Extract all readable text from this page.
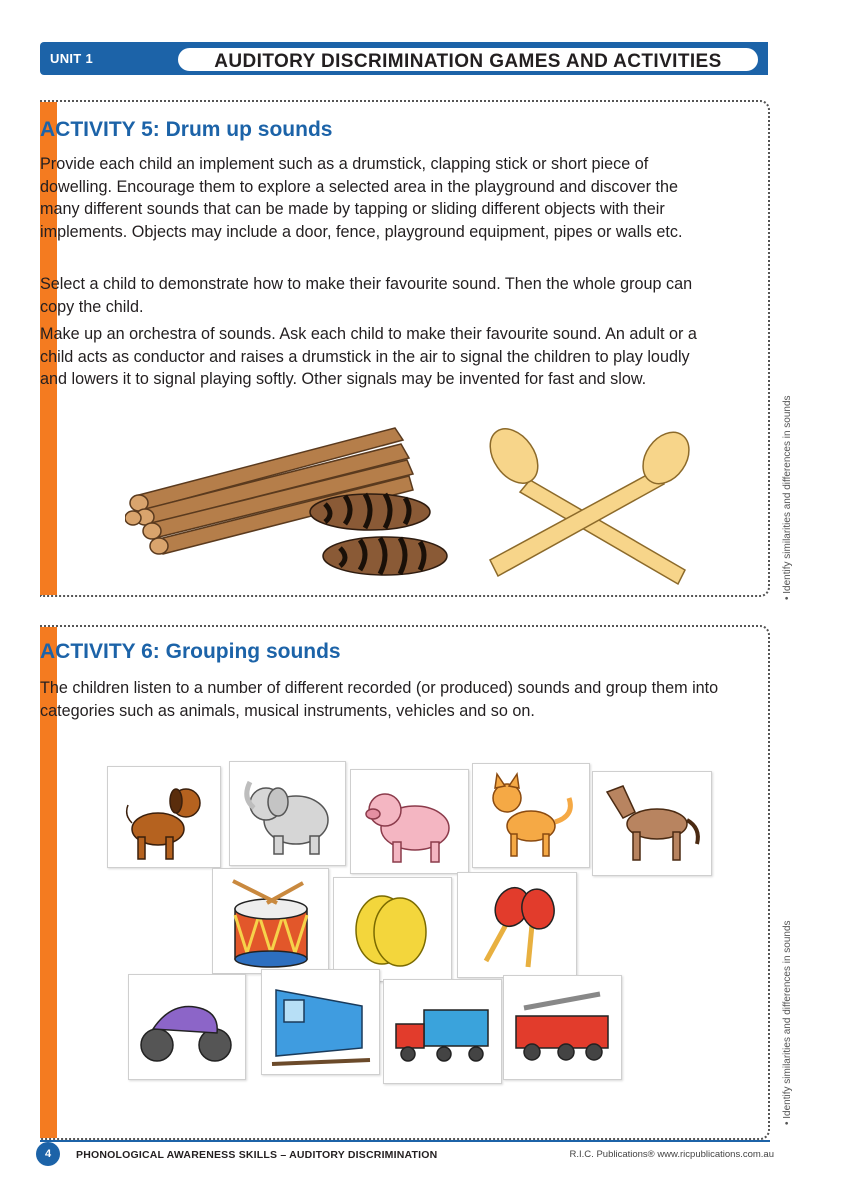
UNIT 1	AUDITORY DISCRIMINATION GAMES AND ACTIVITIES
ACTIVITY 5: Drum up sounds
Provide each child an implement such as a drumstick, clapping stick or short piece of dowelling. Encourage them to explore a selected area in the playground and discover the many different sounds that can be made by tapping or sliding different objects with their implements. Objects may include a door, fence, playground equipment, pipes or walls etc.
Select a child to demonstrate how to make their favourite sound. Then the whole group can copy the child.
Make up an orchestra of sounds. Ask each child to make their favourite sound. An adult or a child acts as conductor and raises a drumstick in the air to signal the children to play loudly and lowers it to signal playing softly. Other signals may be invented for fast and slow.
• Identify similarities and differences in sounds
ACTIVITY 6: Grouping sounds
The children listen to a number of different recorded (or produced) sounds and group them into categories such as animals, musical instruments, vehicles and so on.
• Identify similarities and differences in sounds
4	PHONOLOGICAL AWARENESS SKILLS – AUDITORY DISCRIMINATION	R.I.C. Publications® www.ricpublications.com.au
